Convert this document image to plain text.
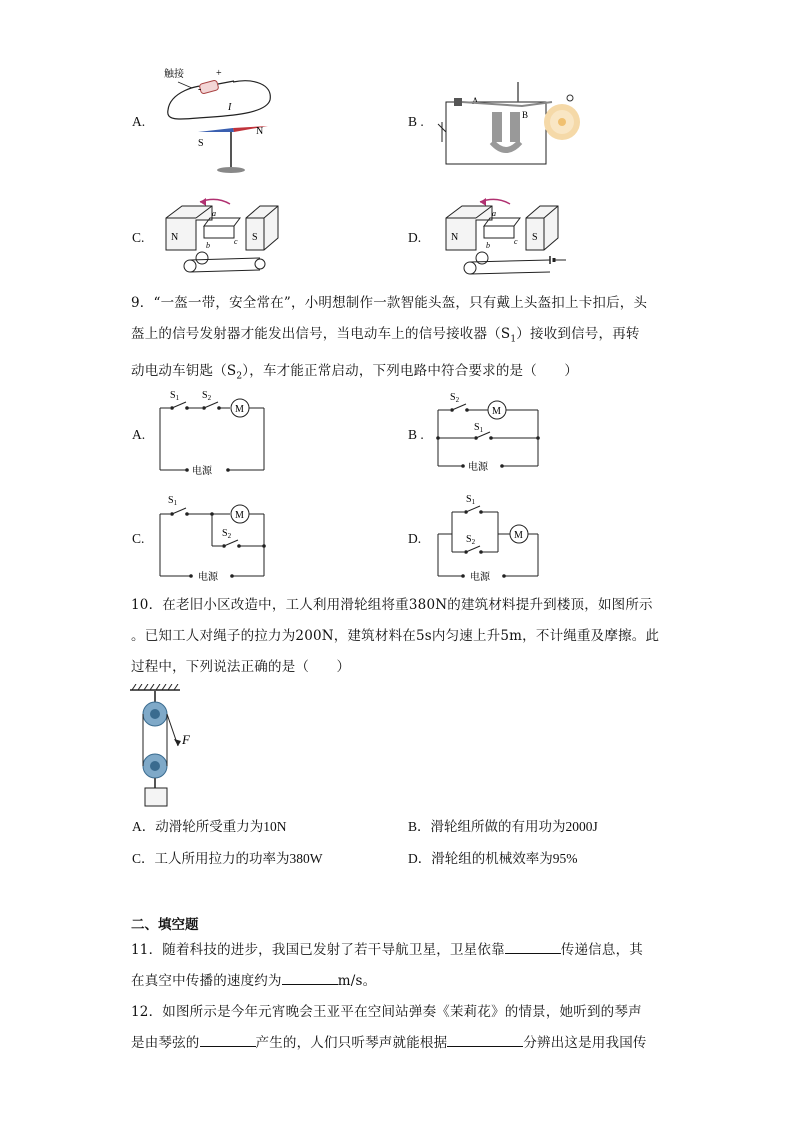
A.
触接	+
-
I
S
N
B .
A
B
C.	N	S
a
b	c	D.	N	S
a
b	c
9．“一盔一带，安全常在”，小明想制作一款智能头盔，只有戴上头盔扣上卡扣后，头
盔上的信号发射器才能发出信号，当电动车上的信号接收器$(S_1)$接收到信号，再转
动电动车钥匙$(S_2)$，车才能正常启动，下列电路中符合要求的是（　　）
A.
M
电源
$S_1$ $S_2$
B .
M
电源
$S_2$
$S_1$
C.
M
电源
$S_1$
$S_2$	D.	M
电源
$S_1$
$S_2$
10．在老旧小区改造中，工人利用滑轮组将重380N的建筑材料提升到楼顶，如图所示
。已知工人对绳子的拉力为200N，建筑材料在5s内匀速上升5m，不计绳重及摩擦。此
过程中，下列说法正确的是（　　）
F
A．动滑轮所受重力为10N	B．滑轮组所做的有用功为2000J
C．工人所用拉力的功率为380W	D．滑轮组的机械效率为95%
二、填空题
11．随着科技的进步，我国已发射了若干导航卫星，卫星依靠	传递信息，其
在真空中传播的速度约为	m/s。
12．如图所示是今年元宵晚会王亚平在空间站弹奏《茉莉花》的情景，她听到的琴声
是由琴弦的	产生的，人们只听琴声就能根据	分辨出这是用我国传
